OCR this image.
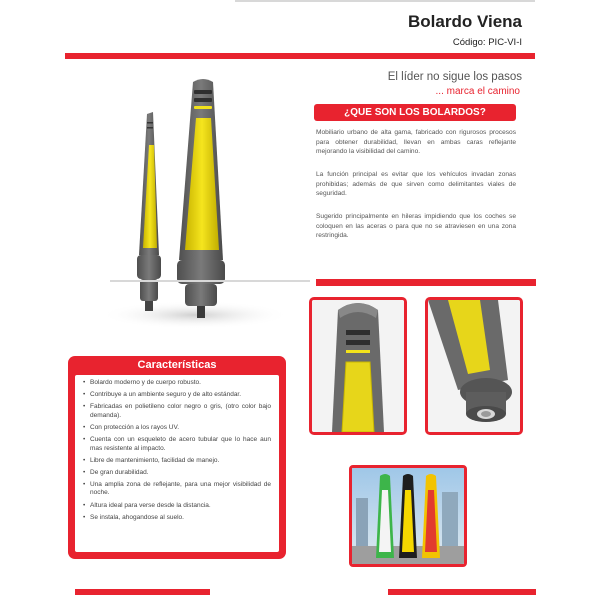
Bolardo Viena
Código: PIC-VI-I
El líder no sigue los pasos
... marca el camino
¿QUE SON LOS BOLARDOS?

Mobiliario urbano de alta gama, fabricado con rigurosos procesos para obtener durabilidad, llevan en ambas caras reflejante mejorando la visibilidad del camino.

La función principal es evitar que los vehículos invadan zonas prohibidas; además de que sirven como delimitantes viales de seguridad.

Sugerido principalmente en hileras impidiendo que los coches se coloquen en las aceras o para que no se atraviesen en una zona restringida.

Características
• Bolardo moderno y de cuerpo robusto.
• Contribuye a un ambiente seguro y de alto estándar.
• Fabricadas en polietileno color negro o gris, (otro color bajo demanda).
• Con protección a los rayos UV.
• Cuenta con un esqueleto de acero tubular que lo hace aun mas resistente al impacto.
• Libre de mantenimiento, facilidad de manejo.
• De gran durabilidad.
• Una amplia zona de reflejante, para una mejor visibilidad de noche.
• Altura ideal para verse desde la distancia.
• Se instala, ahogandose al suelo.
